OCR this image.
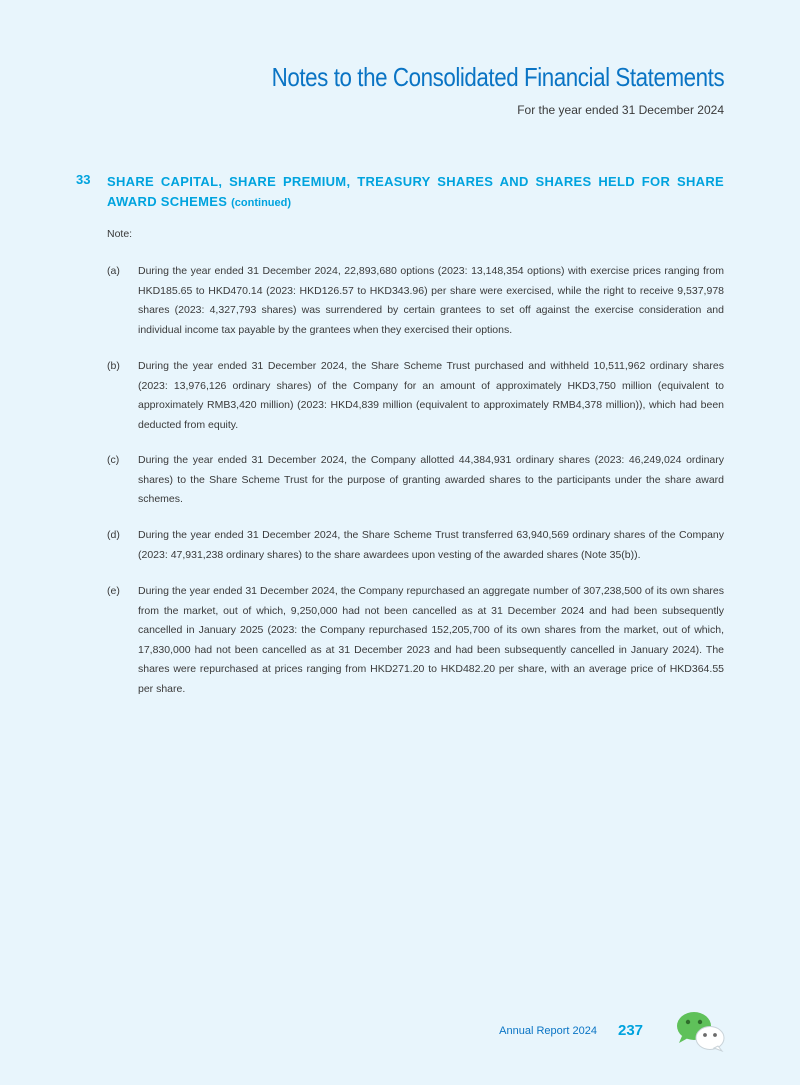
Notes to the Consolidated Financial Statements
For the year ended 31 December 2024
33 SHARE CAPITAL, SHARE PREMIUM, TREASURY SHARES AND SHARES HELD FOR SHARE AWARD SCHEMES (continued)
Note:
(a) During the year ended 31 December 2024, 22,893,680 options (2023: 13,148,354 options) with exercise prices ranging from HKD185.65 to HKD470.14 (2023: HKD126.57 to HKD343.96) per share were exercised, while the right to receive 9,537,978 shares (2023: 4,327,793 shares) was surrendered by certain grantees to set off against the exercise consideration and individual income tax payable by the grantees when they exercised their options.
(b) During the year ended 31 December 2024, the Share Scheme Trust purchased and withheld 10,511,962 ordinary shares (2023: 13,976,126 ordinary shares) of the Company for an amount of approximately HKD3,750 million (equivalent to approximately RMB3,420 million) (2023: HKD4,839 million (equivalent to approximately RMB4,378 million)), which had been deducted from equity.
(c) During the year ended 31 December 2024, the Company allotted 44,384,931 ordinary shares (2023: 46,249,024 ordinary shares) to the Share Scheme Trust for the purpose of granting awarded shares to the participants under the share award schemes.
(d) During the year ended 31 December 2024, the Share Scheme Trust transferred 63,940,569 ordinary shares of the Company (2023: 47,931,238 ordinary shares) to the share awardees upon vesting of the awarded shares (Note 35(b)).
(e) During the year ended 31 December 2024, the Company repurchased an aggregate number of 307,238,500 of its own shares from the market, out of which, 9,250,000 had not been cancelled as at 31 December 2024 and had been subsequently cancelled in January 2025 (2023: the Company repurchased 152,205,700 of its own shares from the market, out of which, 17,830,000 had not been cancelled as at 31 December 2023 and had been subsequently cancelled in January 2024). The shares were repurchased at prices ranging from HKD271.20 to HKD482.20 per share, with an average price of HKD364.55 per share.
Annual Report 2024 237
